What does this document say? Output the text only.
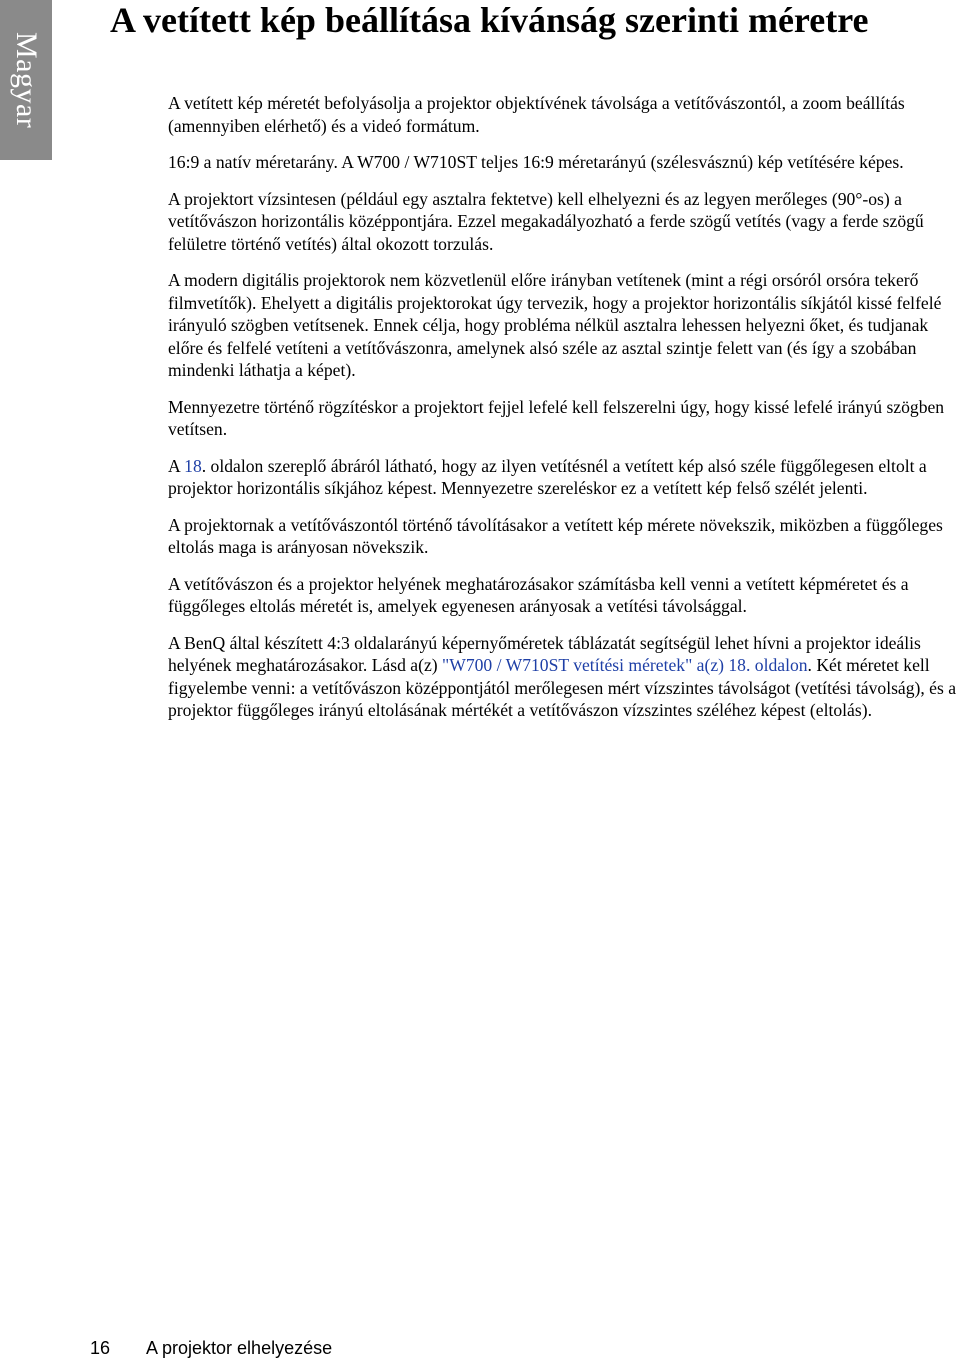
Magyar
A vetített kép beállítása kívánság szerinti méretre

A vetített kép méretét befolyásolja a projektor objektívének távolsága a vetítővászontól, a zoom beállítás (amennyiben elérhető) és a videó formátum.

16:9 a natív méretarány. A W700 / W710ST teljes 16:9 méretarányú (szélesvásznú) kép vetítésére képes.

A projektort vízsintesen (például egy asztalra fektetve) kell elhelyezni és az legyen merőleges (90°-os) a vetítővászon horizontális középpontjára. Ezzel megakadályozható a ferde szögű vetítés (vagy a ferde szögű felületre történő vetítés) által okozott torzulás.

A modern digitális projektorok nem közvetlenül előre irányban vetítenek (mint a régi orsóról orsóra tekerő filmvetítők). Ehelyett a digitális projektorokat úgy tervezik, hogy a projektor horizontális síkjától kissé felfelé irányuló szögben vetítsenek. Ennek célja, hogy probléma nélkül asztalra lehessen helyezni őket, és tudjanak előre és felfelé vetíteni a vetítővászonra, amelynek alsó széle az asztal szintje felett van (és így a szobában mindenki láthatja a képet).

Mennyezetre történő rögzítéskor a projektort fejjel lefelé kell felszerelni úgy, hogy kissé lefelé irányú szögben vetítsen.

A 18. oldalon szereplő ábráról látható, hogy az ilyen vetítésnél a vetített kép alsó széle függőlegesen eltolt a projektor horizontális síkjához képest. Mennyezetre szereléskor ez a vetített kép felső szélét jelenti.

A projektornak a vetítővászontól történő távolításakor a vetített kép mérete növekszik, miközben a függőleges eltolás maga is arányosan növekszik.

A vetítővászon és a projektor helyének meghatározásakor számításba kell venni a vetített képméretet és a függőleges eltolás méretét is, amelyek egyenesen arányosak a vetítési távolsággal.

A BenQ által készített 4:3 oldalarányú képernyőméretek táblázatát segítségül lehet hívni a projektor ideális helyének meghatározásakor. Lásd a(z) "W700 / W710ST vetítési méretek" a(z) 18. oldalon. Két méretet kell figyelembe venni: a vetítővászon középpontjától merőlegesen mért vízszintes távolságot (vetítési távolság), és a projektor függőleges irányú eltolásának mértékét a vetítővászon vízszintes széléhez képest (eltolás).

16 A projektor elhelyezése
